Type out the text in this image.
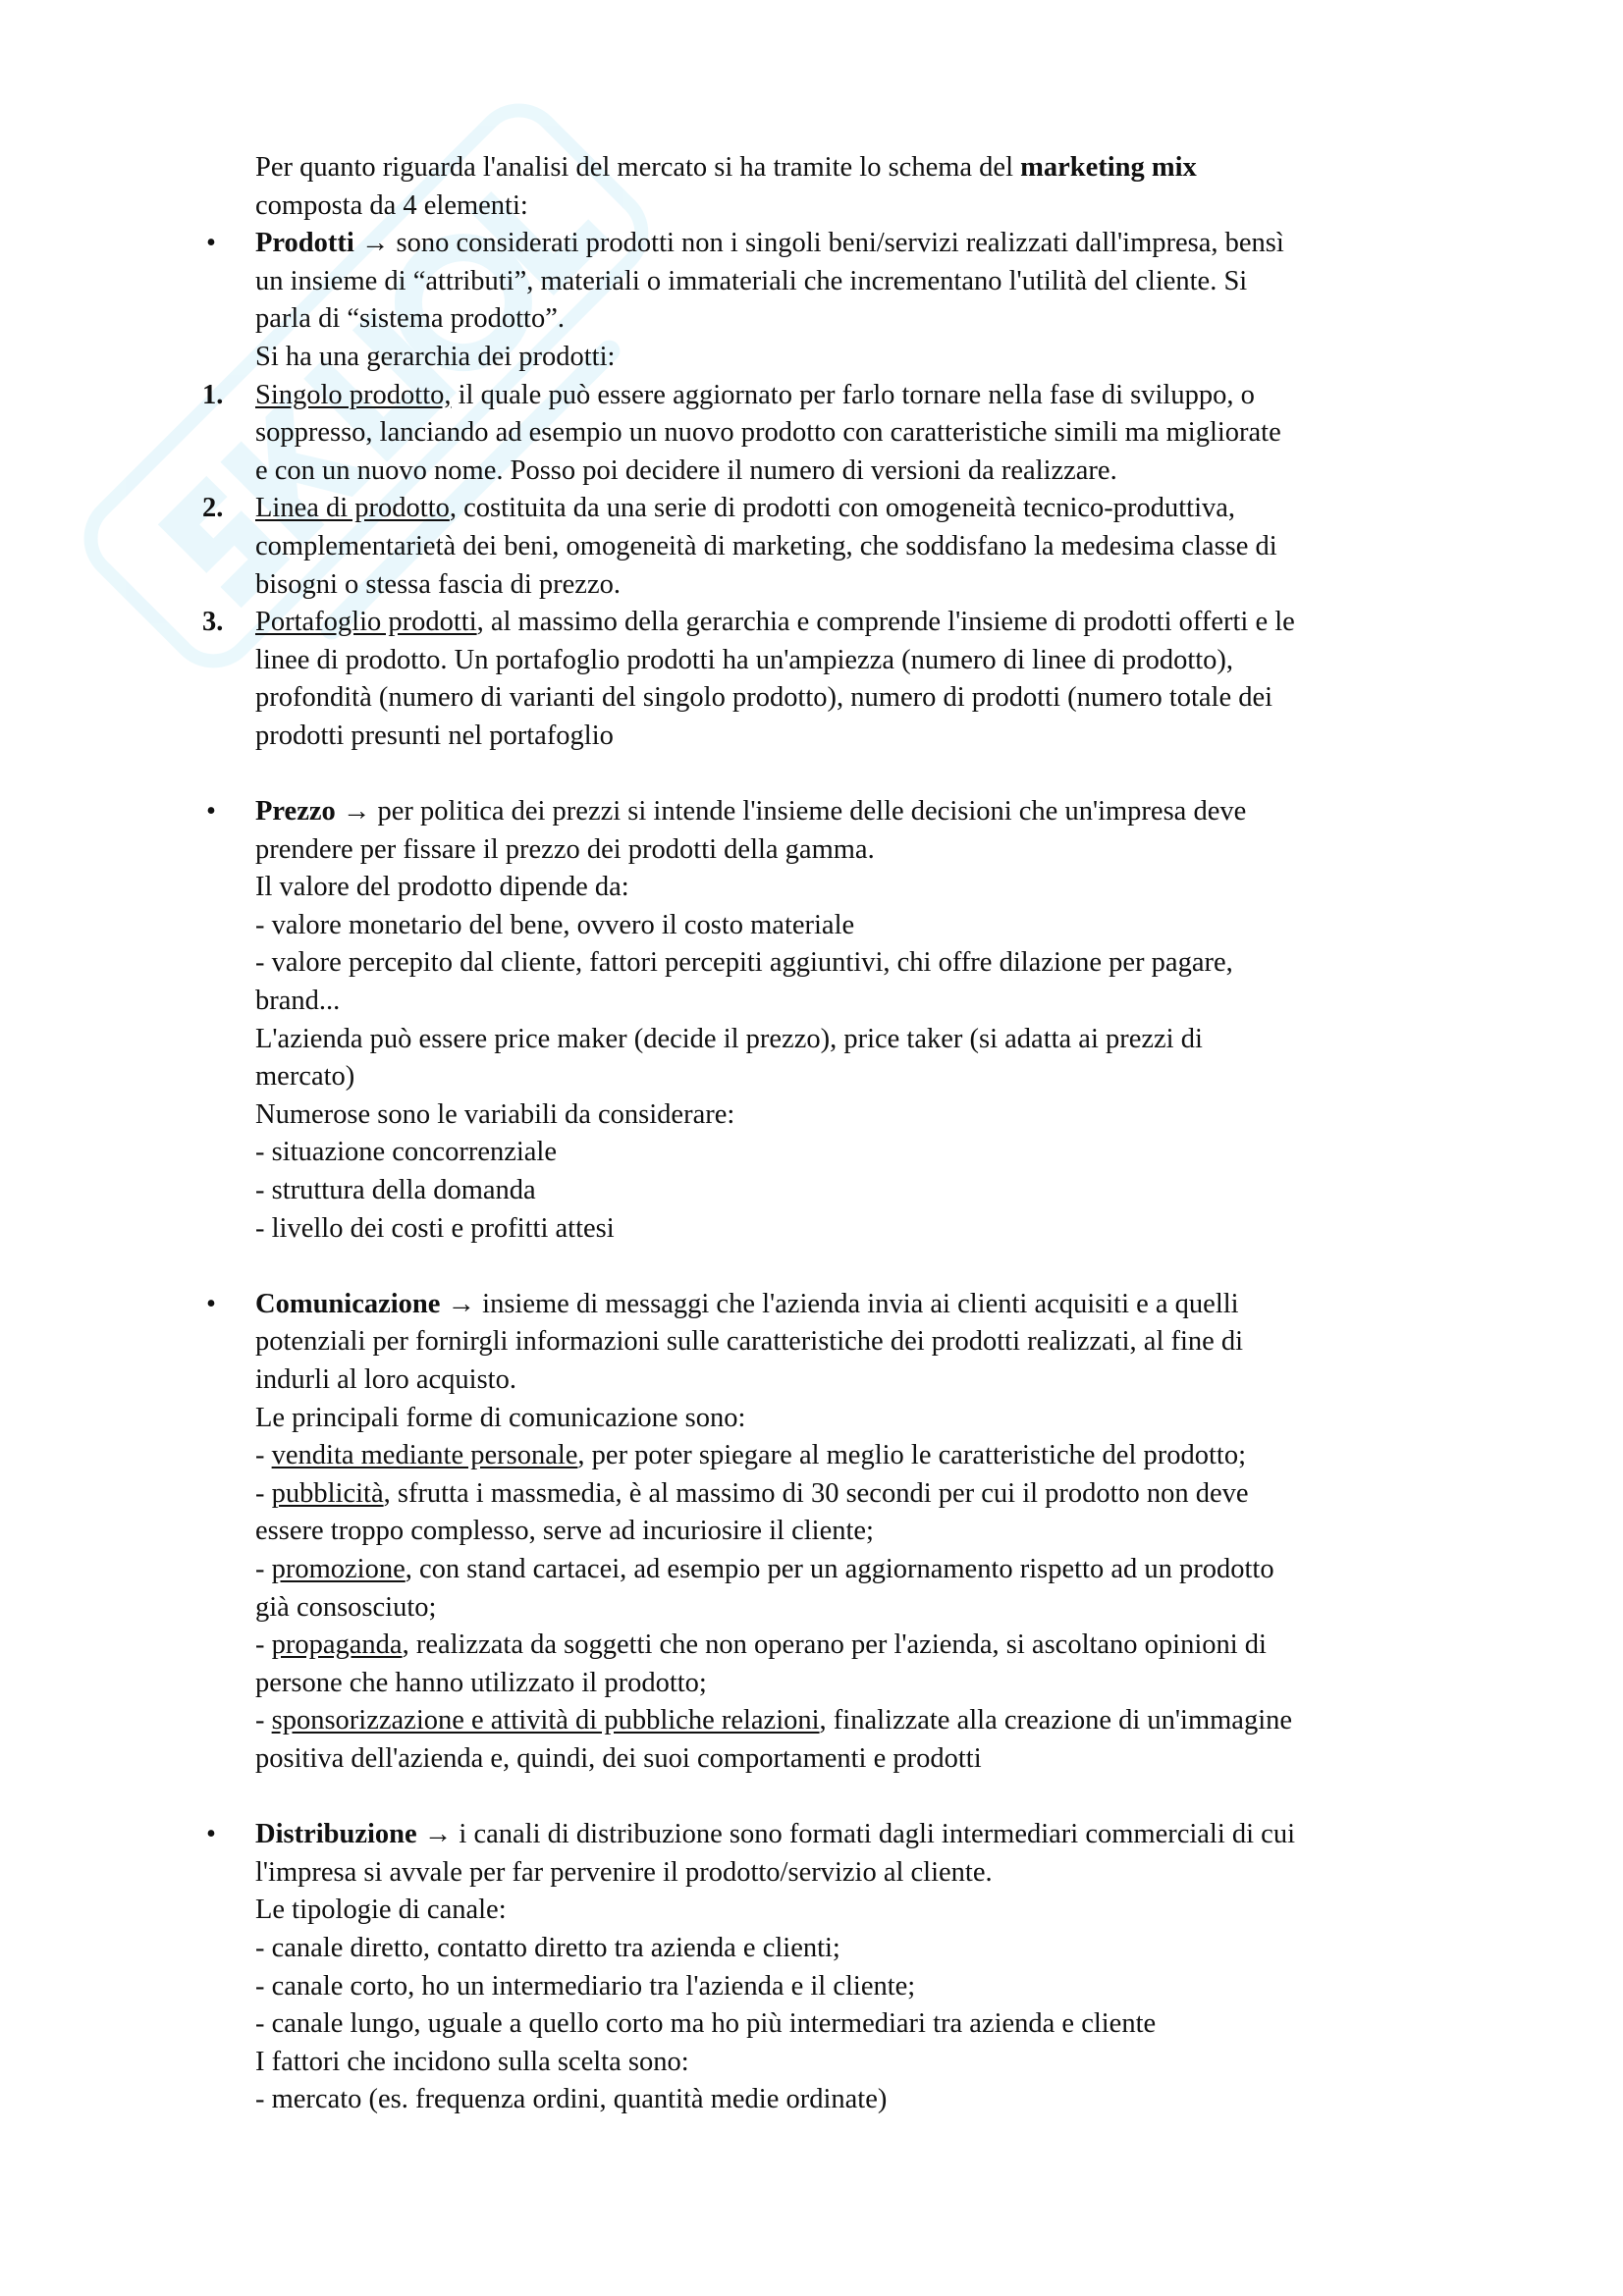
Per quanto riguarda l'analisi del mercato si ha tramite lo schema del marketing mix
composta da 4 elementi:
•	Prodotti → sono considerati prodotti non i singoli beni/servizi realizzati dall'impresa, bensì
un insieme di “attributi”, materiali o immateriali che incrementano l'utilità del cliente. Si
parla di “sistema prodotto”.
Si ha una gerarchia dei prodotti:
1.	Singolo prodotto, il quale può essere aggiornato per farlo tornare nella fase di sviluppo, o
soppresso, lanciando ad esempio un nuovo prodotto con caratteristiche simili ma migliorate
e con un nuovo nome. Posso poi decidere il numero di versioni da realizzare.
2.	Linea di prodotto, costituita da una serie di prodotti con omogeneità tecnico-produttiva,
complementarietà dei beni, omogeneità di marketing, che soddisfano la medesima classe di
bisogni o stessa fascia di prezzo.
3.	Portafoglio prodotti, al massimo della gerarchia e comprende l'insieme di prodotti offerti e le
linee di prodotto. Un portafoglio prodotti ha un'ampiezza (numero di linee di prodotto),
profondità (numero di varianti del singolo prodotto), numero di prodotti (numero totale dei
prodotti presunti nel portafoglio
•	Prezzo → per politica dei prezzi si intende l'insieme delle decisioni che un'impresa deve
prendere per fissare il prezzo dei prodotti della gamma.
Il valore del prodotto dipende da:
- valore monetario del bene, ovvero il costo materiale
- valore percepito dal cliente, fattori percepiti aggiuntivi, chi offre dilazione per pagare,
brand...
L'azienda può essere price maker (decide il prezzo), price taker (si adatta ai prezzi di
mercato)
Numerose sono le variabili da considerare:
- situazione concorrenziale
- struttura della domanda
- livello dei costi e profitti attesi
•	Comunicazione → insieme di messaggi che l'azienda invia ai clienti acquisiti e a quelli
potenziali per fornirgli informazioni sulle caratteristiche dei prodotti realizzati, al fine di
indurli al loro acquisto.
Le principali forme di comunicazione sono:
- vendita mediante personale, per poter spiegare al meglio le caratteristiche del prodotto;
- pubblicità, sfrutta i massmedia, è al massimo di 30 secondi per cui il prodotto non deve
essere troppo complesso, serve ad incuriosire il cliente;
- promozione, con stand cartacei, ad esempio per un aggiornamento rispetto ad un prodotto
già consosciuto;
- propaganda, realizzata da soggetti che non operano per l'azienda, si ascoltano opinioni di
persone che hanno utilizzato il prodotto;
- sponsorizzazione e attività di pubbliche relazioni, finalizzate alla creazione di un'immagine
positiva dell'azienda e, quindi, dei suoi comportamenti e prodotti
•	Distribuzione → i canali di distribuzione sono formati dagli intermediari commerciali di cui
l'impresa si avvale per far pervenire il prodotto/servizio al cliente.
Le tipologie di canale:
- canale diretto, contatto diretto tra azienda e clienti;
- canale corto, ho un intermediario tra l'azienda e il cliente;
- canale lungo, uguale a quello corto ma ho più intermediari tra azienda e cliente
I fattori che incidono sulla scelta sono:
- mercato (es. frequenza ordini, quantità medie ordinate)
